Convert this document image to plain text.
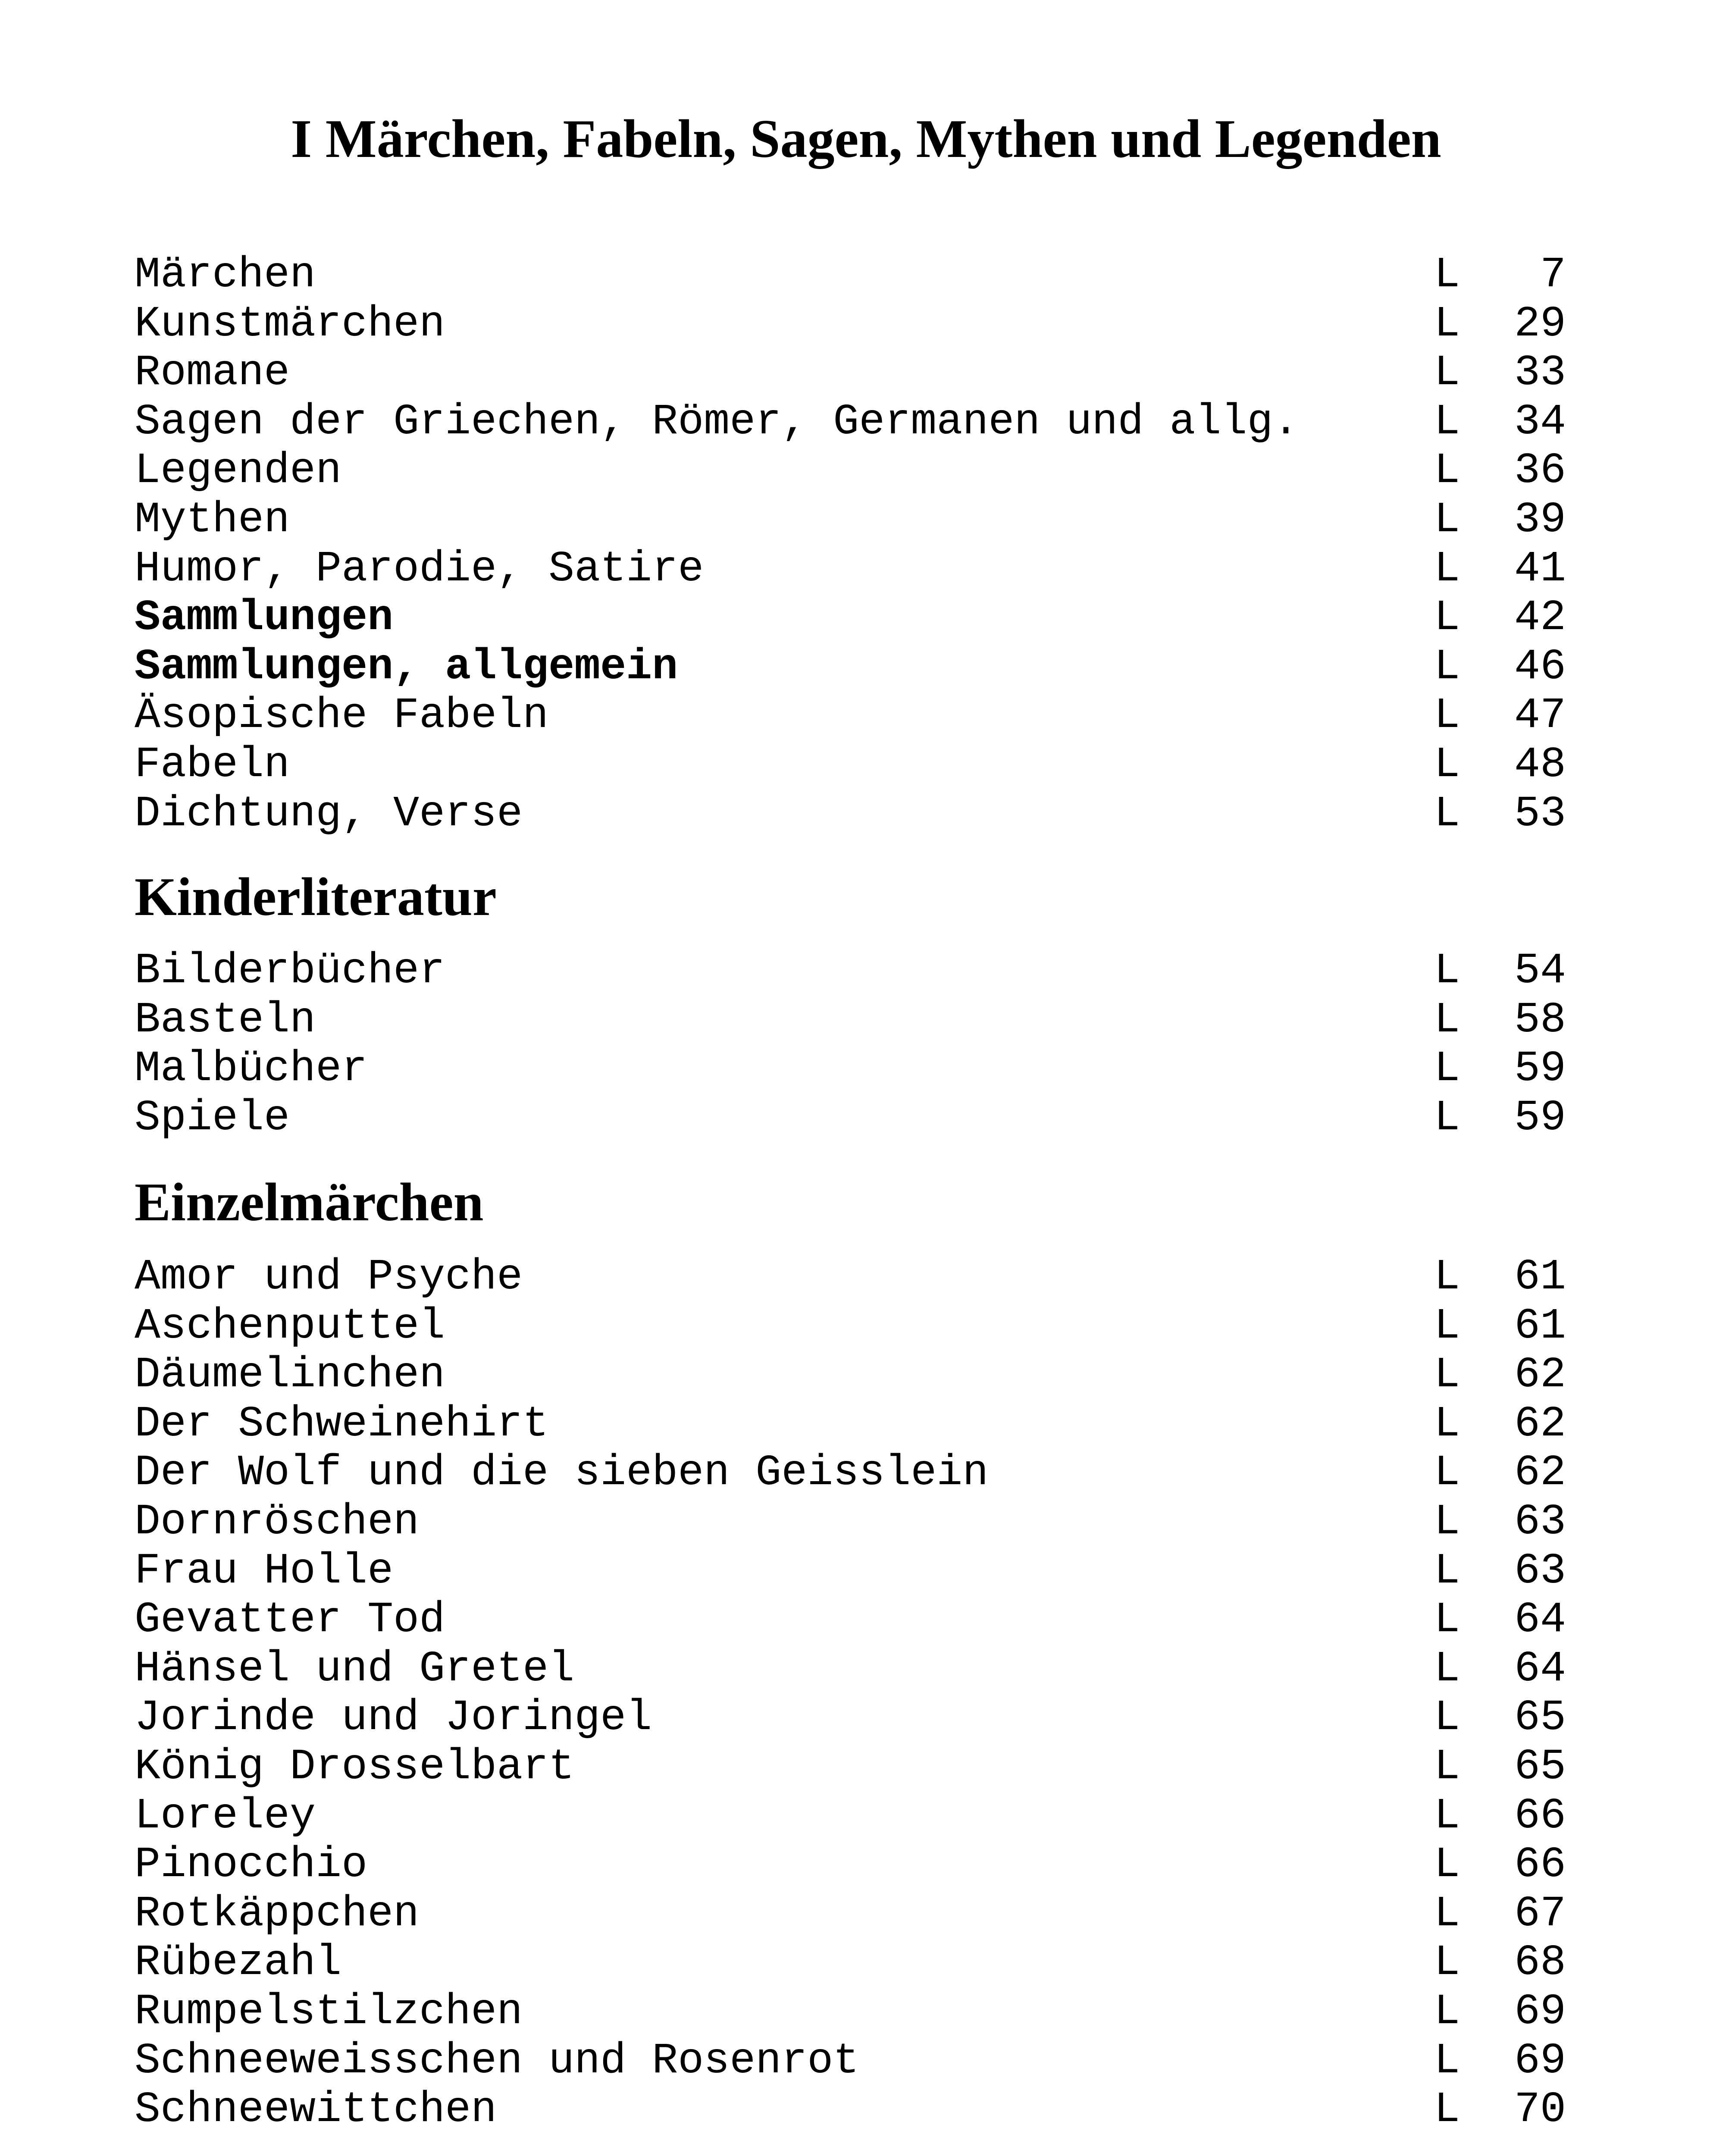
I Märchen, Fabeln, Sagen, Mythen und Legenden
Märchen	L 7
Kunstmärchen	L 29
Romane	L 33
Sagen der Griechen, Römer, Germanen und allg.	L 34
Legenden	L 36
Mythen	L 39
Humor, Parodie, Satire	L 41
Sammlungen	L 42
Sammlungen, allgemein	L 46
Äsopische Fabeln	L 47
Fabeln	L 48
Dichtung, Verse	L 53
Kinderliteratur
Bilderbücher	L 54
Basteln	L 58
Malbücher	L 59
Spiele	L 59
Einzelmärchen
Amor und Psyche	L 61
Aschenputtel	L 61
Däumelinchen	L 62
Der Schweinehirt	L 62
Der Wolf und die sieben Geisslein	L 62
Dornröschen	L 63
Frau Holle	L 63
Gevatter Tod	L 64
Hänsel und Gretel	L 64
Jorinde und Joringel	L 65
König Drosselbart	L 65
Loreley	L 66
Pinocchio	L 66
Rotkäppchen	L 67
Rübezahl	L 68
Rumpelstilzchen	L 69
Schneeweisschen und Rosenrot	L 69
Schneewittchen	L 70
